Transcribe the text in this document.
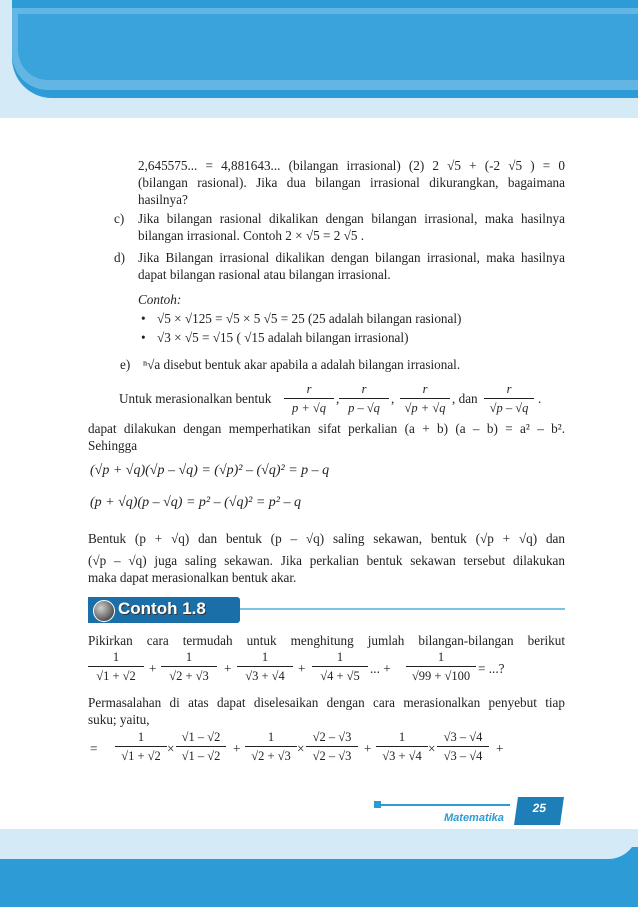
2,645575... = 4,881643... (bilangan irrasional) (2) 2 √5 + (-2 √5 ) = 0
(bilangan rasional). Jika dua bilangan irrasional dikurangkan, bagaimana
hasilnya?
c) Jika bilangan rasional dikalikan dengan bilangan irrasional, maka hasilnya
bilangan irrasional. Contoh 2 × √5 = 2 √5 .
d) Jika Bilangan irrasional dikalikan dengan bilangan irrasional, maka hasilnya
dapat bilangan rasional atau bilangan irrasional.
Contoh:
• √5 × √125 = √5 × 5 √5 = 25 (25 adalah bilangan rasional)
• √3 × √5 = √15 ( √15 adalah bilangan irrasional)
e) ⁿ√a disebut bentuk akar apabila a adalah bilangan irrasional.
Untuk merasionalkan bentuk $\frac{r}{p + √q}$ , $\frac{r}{p - √q}$ , $\frac{r}{√p + √q}$ , dan $\frac{r}{√p - √q}$ .
dapat dilakukan dengan memperhatikan sifat perkalian (a + b) (a – b) = a² – b².
Sehingga
(√p + √q)(√p – √q) = (√p)² – (√q)² = p – q
(p + √q)(p – √q) = p² – (√q)² = p² – q
Bentuk (p + √q) dan bentuk (p – √q) saling sekawan, bentuk (√p + √q) dan
(√p – √q) juga saling sekawan. Jika perkalian bentuk sekawan tersebut dilakukan
maka dapat merasionalkan bentuk akar.
Contoh 1.8
Pikirkan cara termudah untuk menghitung jumlah bilangan-bilangan berikut
$\frac{1}{√1 + √2} + \frac{1}{√2 + √3} + \frac{1}{√3 + √4} + \frac{1}{√4 + √5}$ ... + $\frac{1}{√99 + √100}$ = ...?
Permasalahan di atas dapat diselesaikan dengan cara merasionalkan penyebut tiap
suku; yaitu,
= $\frac{1}{√1 + √2} \times \frac{√1 - √2}{√1 - √2} + \frac{1}{√2 + √3} \times \frac{√2 - √3}{√2 - √3} + \frac{1}{√3 + √4} \times \frac{√3 - √4}{√3 - √4}$ +
Matematika
25
